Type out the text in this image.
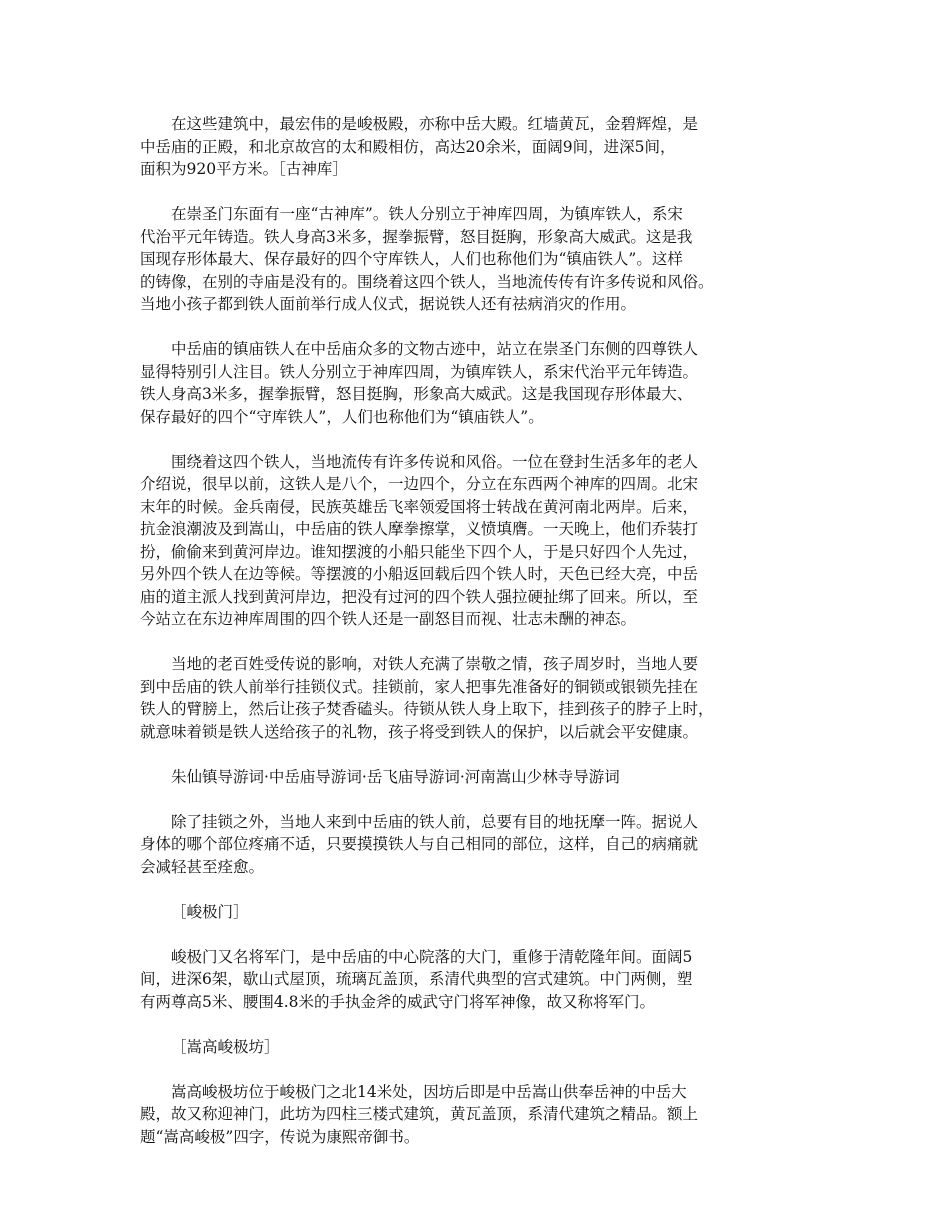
在这些建筑中，最宏伟的是峻极殿，亦称中岳大殿。红墙黄瓦，金碧辉煌，是
中岳庙的正殿，和北京故宫的太和殿相仿，高达20余米，面阔9间，进深5间，
面积为920平方米。［古神库］
在崇圣门东面有一座“古神库”。铁人分别立于神库四周，为镇库铁人，系宋
代治平元年铸造。铁人身高3米多，握拳振臂，怒目挺胸，形象高大威武。这是我
国现存形体最大、保存最好的四个守库铁人，人们也称他们为“镇庙铁人”。这样
的铸像，在别的寺庙是没有的。围绕着这四个铁人，当地流传传有许多传说和风俗。
当地小孩子都到铁人面前举行成人仪式，据说铁人还有祛病消灾的作用。
中岳庙的镇庙铁人在中岳庙众多的文物古迹中，站立在崇圣门东侧的四尊铁人
显得特别引人注目。铁人分别立于神库四周，为镇库铁人，系宋代治平元年铸造。
铁人身高3米多，握拳振臂，怒目挺胸，形象高大威武。这是我国现存形体最大、
保存最好的四个“守库铁人”，人们也称他们为“镇庙铁人”。
围绕着这四个铁人，当地流传有许多传说和风俗。一位在登封生活多年的老人
介绍说，很早以前，这铁人是八个，一边四个，分立在东西两个神库的四周。北宋
末年的时候。金兵南侵，民族英雄岳飞率领爱国将士转战在黄河南北两岸。后来，
抗金浪潮波及到嵩山，中岳庙的铁人摩拳擦掌，义愤填膺。一天晚上，他们乔装打
扮，偷偷来到黄河岸边。谁知摆渡的小船只能坐下四个人，于是只好四个人先过，
另外四个铁人在边等候。等摆渡的小船返回载后四个铁人时，天色已经大亮，中岳
庙的道主派人找到黄河岸边，把没有过河的四个铁人强拉硬扯绑了回来。所以，至
今站立在东边神库周围的四个铁人还是一副怒目而视、壮志未酬的神态。
当地的老百姓受传说的影响，对铁人充满了崇敬之情，孩子周岁时，当地人要
到中岳庙的铁人前举行挂锁仪式。挂锁前，家人把事先准备好的铜锁或银锁先挂在
铁人的臂膀上，然后让孩子焚香磕头。待锁从铁人身上取下，挂到孩子的脖子上时，
就意味着锁是铁人送给孩子的礼物，孩子将受到铁人的保护，以后就会平安健康。
朱仙镇导游词·中岳庙导游词·岳飞庙导游词·河南嵩山少林寺导游词
除了挂锁之外，当地人来到中岳庙的铁人前，总要有目的地抚摩一阵。据说人
身体的哪个部位疼痛不适，只要摸摸铁人与自己相同的部位，这样，自己的病痛就
会减轻甚至痊愈。
［峻极门］
峻极门又名将军门，是中岳庙的中心院落的大门，重修于清乾隆年间。面阔5
间，进深6架，歇山式屋顶，琉璃瓦盖顶，系清代典型的宫式建筑。中门两侧，塑
有两尊高5米、腰围4.8米的手执金斧的威武守门将军神像，故又称将军门。
［嵩高峻极坊］
嵩高峻极坊位于峻极门之北14米处，因坊后即是中岳嵩山供奉岳神的中岳大
殿，故又称迎神门，此坊为四柱三楼式建筑，黄瓦盖顶，系清代建筑之精品。额上
题“嵩高峻极”四字，传说为康熙帝御书。
